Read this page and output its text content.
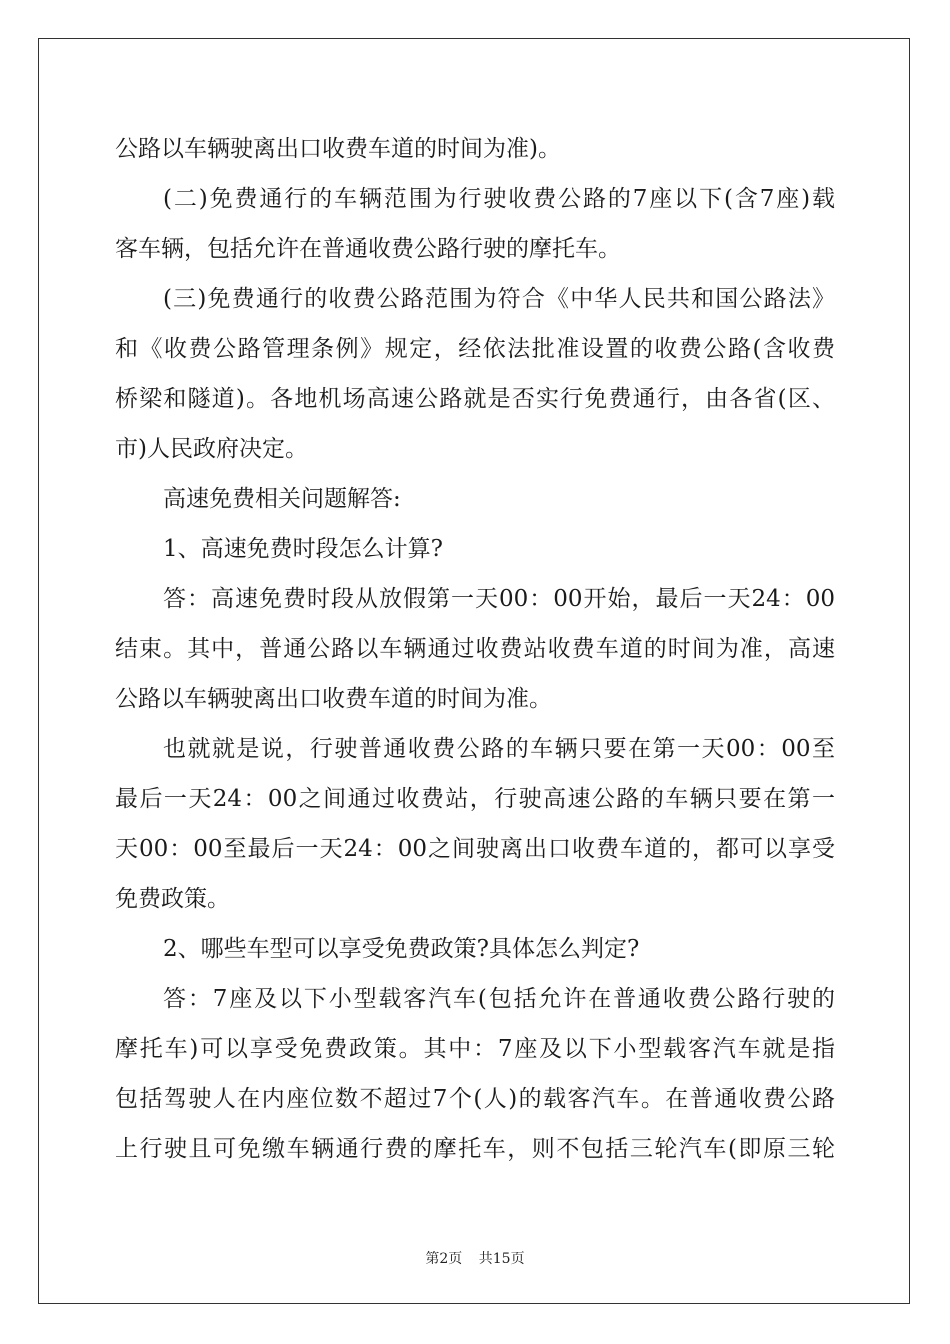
公路以车辆驶离出口收费车道的时间为准)。
(二)免费通行的车辆范围为行驶收费公路的7座以下(含7座)载
客车辆，包括允许在普通收费公路行驶的摩托车。
(三)免费通行的收费公路范围为符合《中华人民共和国公路法》
和《收费公路管理条例》规定，经依法批准设置的收费公路(含收费
桥梁和隧道)。各地机场高速公路就是否实行免费通行，由各省(区、
市)人民政府决定。
高速免费相关问题解答:
1、高速免费时段怎么计算?
答：高速免费时段从放假第一天00：00开始，最后一天24：00
结束。其中，普通公路以车辆通过收费站收费车道的时间为准，高速
公路以车辆驶离出口收费车道的时间为准。
也就就是说，行驶普通收费公路的车辆只要在第一天00：00至
最后一天24：00之间通过收费站，行驶高速公路的车辆只要在第一
天00：00至最后一天24：00之间驶离出口收费车道的，都可以享受
免费政策。
2、哪些车型可以享受免费政策?具体怎么判定?
答：7座及以下小型载客汽车(包括允许在普通收费公路行驶的
摩托车)可以享受免费政策。其中：7座及以下小型载客汽车就是指
包括驾驶人在内座位数不超过7个(人)的载客汽车。在普通收费公路
上行驶且可免缴车辆通行费的摩托车，则不包括三轮汽车(即原三轮
第2页 共15页
